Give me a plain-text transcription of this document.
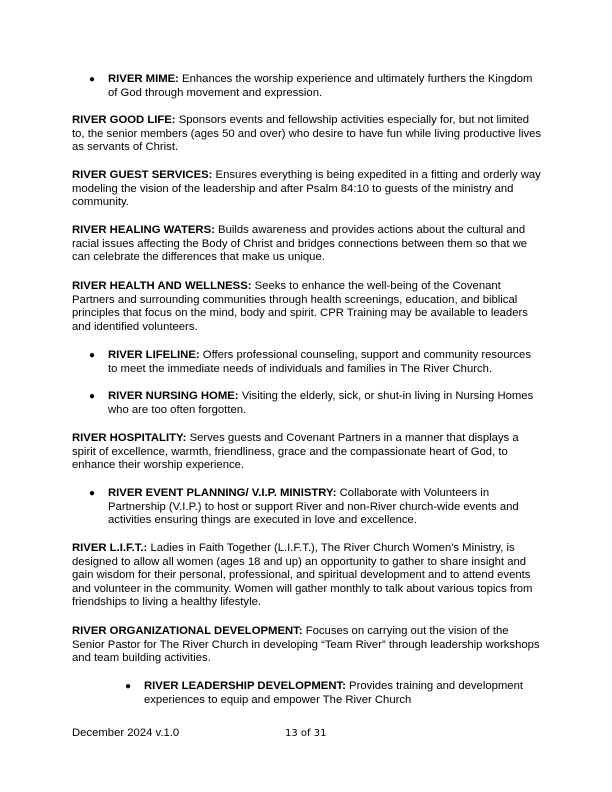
● RIVER MIME: Enhances the worship experience and ultimately furthers the Kingdom of God through movement and expression.

RIVER GOOD LIFE: Sponsors events and fellowship activities especially for, but not limited to, the senior members (ages 50 and over) who desire to have fun while living productive lives as servants of Christ.

RIVER GUEST SERVICES: Ensures everything is being expedited in a fitting and orderly way modeling the vision of the leadership and after Psalm 84:10 to guests of the ministry and community.

RIVER HEALING WATERS: Builds awareness and provides actions about the cultural and racial issues affecting the Body of Christ and bridges connections between them so that we can celebrate the differences that make us unique.

RIVER HEALTH AND WELLNESS: Seeks to enhance the well-being of the Covenant Partners and surrounding communities through health screenings, education, and biblical principles that focus on the mind, body and spirit. CPR Training may be available to leaders and identified volunteers.

● RIVER LIFELINE: Offers professional counseling, support and community resources to meet the immediate needs of individuals and families in The River Church.

● RIVER NURSING HOME: Visiting the elderly, sick, or shut-in living in Nursing Homes who are too often forgotten.

RIVER HOSPITALITY: Serves guests and Covenant Partners in a manner that displays a spirit of excellence, warmth, friendliness, grace and the compassionate heart of God, to enhance their worship experience.

● RIVER EVENT PLANNING/ V.I.P. MINISTRY: Collaborate with Volunteers in Partnership (V.I.P.) to host or support River and non-River church-wide events and activities ensuring things are executed in love and excellence.

RIVER L.I.F.T.: Ladies in Faith Together (L.I.F.T.), The River Church Women's Ministry, is designed to allow all women (ages 18 and up) an opportunity to gather to share insight and gain wisdom for their personal, professional, and spiritual development and to attend events and volunteer in the community. Women will gather monthly to talk about various topics from friendships to living a healthy lifestyle.

RIVER ORGANIZATIONAL DEVELOPMENT: Focuses on carrying out the vision of the Senior Pastor for The River Church in developing “Team River” through leadership workshops and team building activities.

● RIVER LEADERSHIP DEVELOPMENT: Provides training and development experiences to equip and empower The River Church

December 2024 v.1.0	13 of 31
